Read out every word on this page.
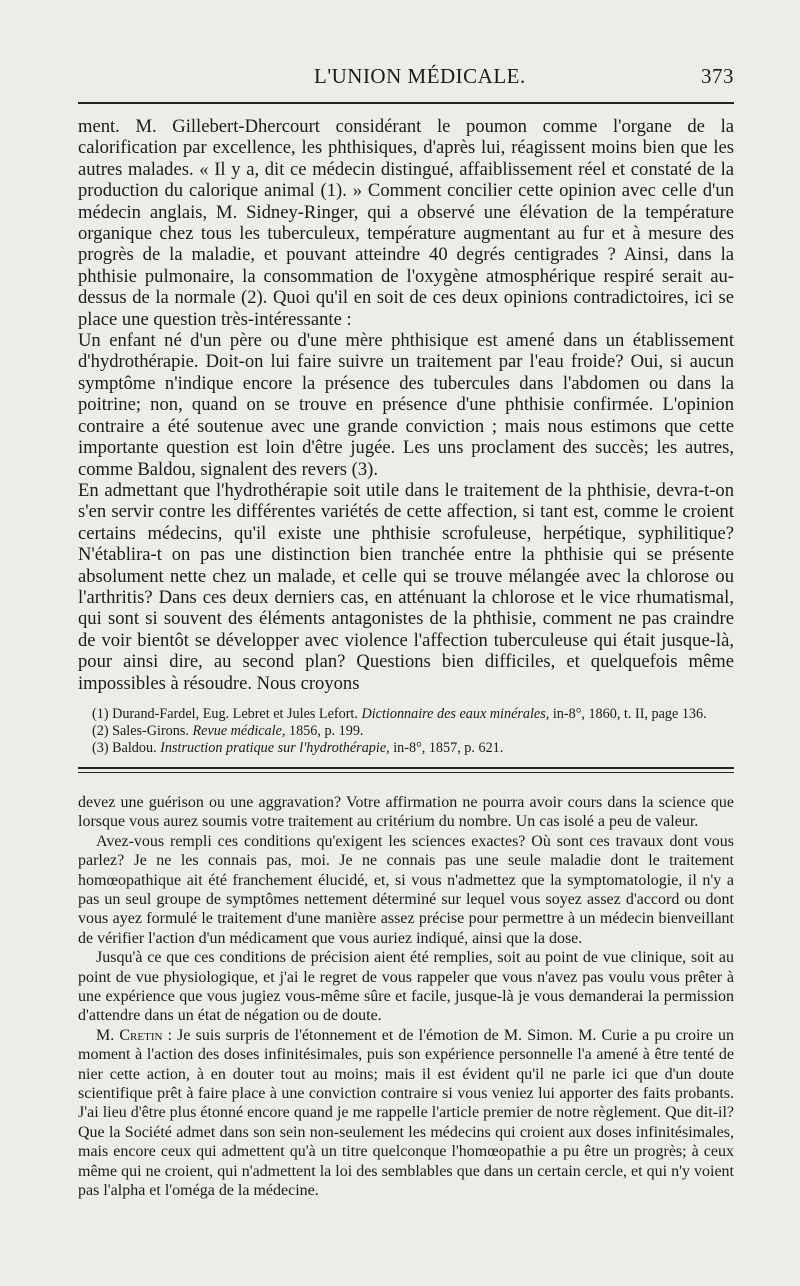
L'UNION MÉDICALE.	373

ment. M. Gillebert-Dhercourt considérant le poumon comme l'organe de la calorification par excellence, les phthisiques, d'après lui, réagissent moins bien que les autres malades. « Il y a, dit ce médecin distingué, affaiblissement réel et constaté de la production du calorique animal (1). » Comment concilier cette opinion avec celle d'un médecin anglais, M. Sidney-Ringer, qui a observé une élévation de la température organique chez tous les tuberculeux, température augmentant au fur et à mesure des progrès de la maladie, et pouvant atteindre 40 degrés centigrades ? Ainsi, dans la phthisie pulmonaire, la consommation de l'oxygène atmosphérique respiré serait au-dessus de la normale (2). Quoi qu'il en soit de ces deux opinions contradictoires, ici se place une question très-intéressante :

Un enfant né d'un père ou d'une mère phthisique est amené dans un établissement d'hydrothérapie. Doit-on lui faire suivre un traitement par l'eau froide? Oui, si aucun symptôme n'indique encore la présence des tubercules dans l'abdomen ou dans la poitrine; non, quand on se trouve en présence d'une phthisie confirmée. L'opinion contraire a été soutenue avec une grande conviction ; mais nous estimons que cette importante question est loin d'être jugée. Les uns proclament des succès; les autres, comme Baldou, signalent des revers (3).

En admettant que l'hydrothérapie soit utile dans le traitement de la phthisie, devra-t-on s'en servir contre les différentes variétés de cette affection, si tant est, comme le croient certains médecins, qu'il existe une phthisie scrofuleuse, herpétique, syphilitique? N'établira-t on pas une distinction bien tranchée entre la phthisie qui se présente absolument nette chez un malade, et celle qui se trouve mélangée avec la chlorose ou l'arthritis? Dans ces deux derniers cas, en atténuant la chlorose et le vice rhumatismal, qui sont si souvent des éléments antagonistes de la phthisie, comment ne pas craindre de voir bientôt se développer avec violence l'affection tuberculeuse qui était jusque-là, pour ainsi dire, au second plan? Questions bien difficiles, et quelquefois même impossibles à résoudre. Nous croyons

(1) Durand-Fardel, Eug. Lebret et Jules Lefort. Dictionnaire des eaux minérales, in-8°, 1860, t. II, page 136.

(2) Sales-Girons. Revue médicale, 1856, p. 199.

(3) Baldou. Instruction pratique sur l'hydrothérapie, in-8°, 1857, p. 621.

devez une guérison ou une aggravation? Votre affirmation ne pourra avoir cours dans la science que lorsque vous aurez soumis votre traitement au critérium du nombre. Un cas isolé a peu de valeur.

Avez-vous rempli ces conditions qu'exigent les sciences exactes? Où sont ces travaux dont vous parlez? Je ne les connais pas, moi. Je ne connais pas une seule maladie dont le traitement homœopathique ait été franchement élucidé, et, si vous n'admettez que la symptomatologie, il n'y a pas un seul groupe de symptômes nettement déterminé sur lequel vous soyez assez d'accord ou dont vous ayez formulé le traitement d'une manière assez précise pour permettre à un médecin bienveillant de vérifier l'action d'un médicament que vous auriez indiqué, ainsi que la dose.

Jusqu'à ce que ces conditions de précision aient été remplies, soit au point de vue clinique, soit au point de vue physiologique, et j'ai le regret de vous rappeler que vous n'avez pas voulu vous prêter à une expérience que vous jugiez vous-même sûre et facile, jusque-là je vous demanderai la permission d'attendre dans un état de négation ou de doute.

M. Cretin : Je suis surpris de l'étonnement et de l'émotion de M. Simon. M. Curie a pu croire un moment à l'action des doses infinitésimales, puis son expérience personnelle l'a amené à être tenté de nier cette action, à en douter tout au moins; mais il est évident qu'il ne parle ici que d'un doute scientifique prêt à faire place à une conviction contraire si vous veniez lui apporter des faits probants. J'ai lieu d'être plus étonné encore quand je me rappelle l'article premier de notre règlement. Que dit-il? Que la Société admet dans son sein non-seulement les médecins qui croient aux doses infinitésimales, mais encore ceux qui admettent qu'à un titre quelconque l'homœopathie a pu être un progrès; à ceux même qui ne croient, qui n'admettent la loi des semblables que dans un certain cercle, et qui n'y voient pas l'alpha et l'oméga de la médecine.
